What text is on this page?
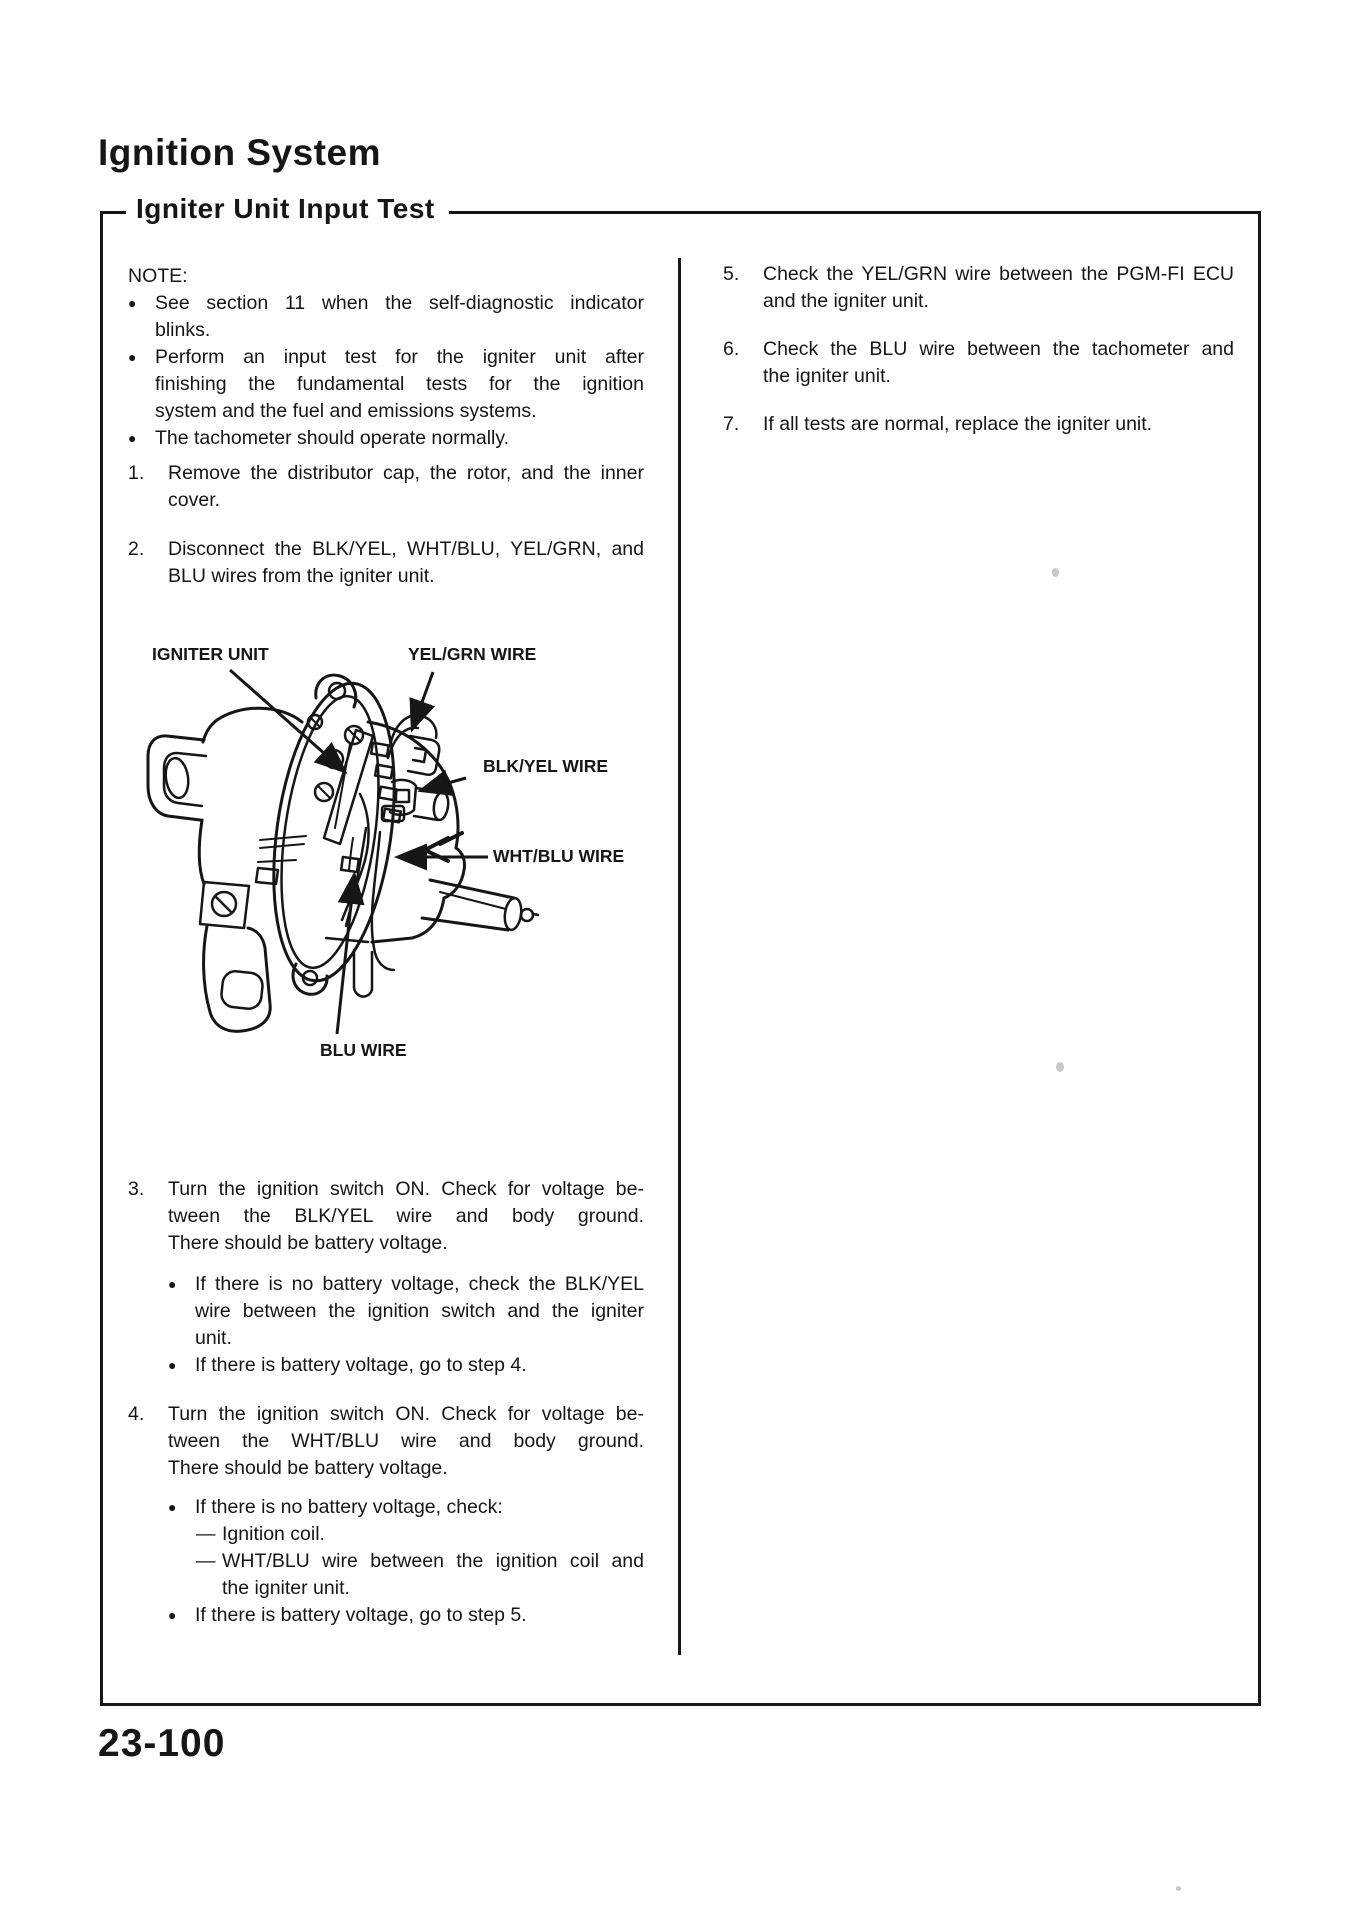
Ignition System
Igniter Unit Input Test
NOTE:
● See section 11 when the self-diagnostic indicator
blinks.
● Perform an input test for the igniter unit after
finishing the fundamental tests for the ignition
system and the fuel and emissions systems.
● The tachometer should operate normally.
1.	Remove the distributor cap, the rotor, and the inner
cover.
2.	Disconnect the BLK/YEL, WHT/BLU, YEL/GRN, and
BLU wires from the igniter unit.
3.	Turn the ignition switch ON. Check for voltage be-
tween the BLK/YEL wire and body ground.
There should be battery voltage.
● If there is no battery voltage, check the BLK/YEL
wire between the ignition switch and the igniter
unit.
● If there is battery voltage, go to step 4.
4.	Turn the ignition switch ON. Check for voltage be-
tween the WHT/BLU wire and body ground.
There should be battery voltage.
● If there is no battery voltage, check:
— Ignition coil.
— WHT/BLU wire between the ignition coil and
the igniter unit.
● If there is battery voltage, go to step 5.
5.	Check the YEL/GRN wire between the PGM-FI ECU
and the igniter unit.
6.	Check the BLU wire between the tachometer and
the igniter unit.
7.	If all tests are normal, replace the igniter unit.
IGNITER UNIT	YEL/GRN WIRE
BLK/YEL WIRE
WHT/BLU WIRE
BLU WIRE
23-100
